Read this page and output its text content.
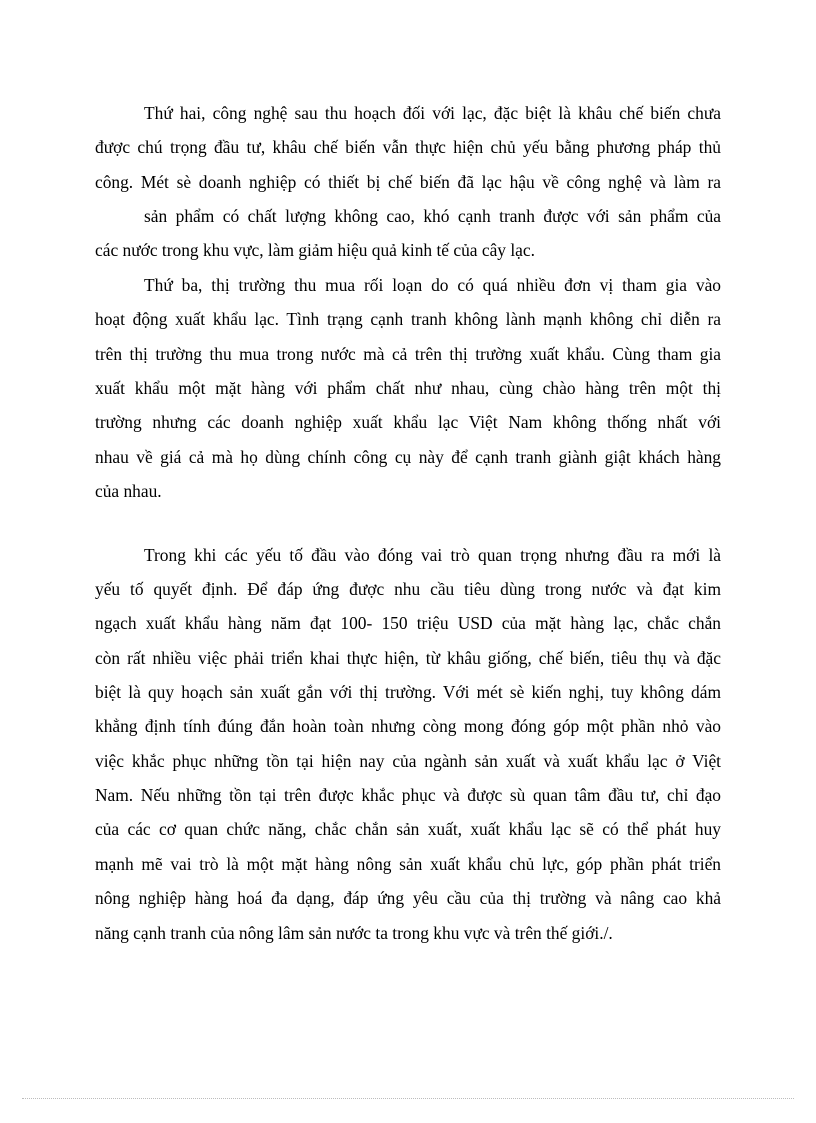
Thứ hai, công nghệ sau thu hoạch đối với lạc, đặc biệt là khâu chế biến chưa
được chú trọng đầu tư, khâu chế biến vẫn thực hiện chủ yếu bằng phương pháp thủ
công. Mét sè doanh nghiệp có thiết bị chế biến đã lạc hậu về công nghệ và làm ra
sản phẩm có chất lượng không cao, khó cạnh tranh được với sản phẩm của
các nước trong khu vực, làm giảm hiệu quả kinh tế của cây lạc.
Thứ ba, thị trường thu mua rối loạn do có quá nhiều đơn vị tham gia vào
hoạt động xuất khẩu lạc. Tình trạng cạnh tranh không lành mạnh không chỉ diễn ra
trên thị trường thu mua trong nước mà cả trên thị trường xuất khẩu. Cùng tham gia
xuất khẩu một mặt hàng với phẩm chất như nhau, cùng chào hàng trên một thị
trường nhưng các doanh nghiệp xuất khẩu lạc Việt Nam không thống nhất với
nhau về giá cả mà họ dùng chính công cụ này để cạnh tranh giành giật khách hàng
của nhau.
Trong khi các yếu tố đầu vào đóng vai trò quan trọng nhưng đầu ra mới là
yếu tố quyết định. Để đáp ứng được nhu cầu tiêu dùng trong nước và đạt kim
ngạch xuất khẩu hàng năm đạt 100- 150 triệu USD của mặt hàng lạc, chắc chắn
còn rất nhiều việc phải triển khai thực hiện, từ khâu giống, chế biến, tiêu thụ và đặc
biệt là quy hoạch sản xuất gắn với thị trường. Với mét sè kiến nghị, tuy không dám
khẳng định tính đúng đắn hoàn toàn nhưng còng mong đóng góp một phần nhỏ vào
việc khắc phục những tồn tại hiện nay của ngành sản xuất và xuất khẩu lạc ở Việt
Nam. Nếu những tồn tại trên được khắc phục và được sù quan tâm đầu tư, chỉ đạo
của các cơ quan chức năng, chắc chắn sản xuất, xuất khẩu lạc sẽ có thể phát huy
mạnh mẽ vai trò là một mặt hàng nông sản xuất khẩu chủ lực, góp phần phát triển
nông nghiệp hàng hoá đa dạng, đáp ứng yêu cầu của thị trường và nâng cao khả
năng cạnh tranh của nông lâm sản nước ta trong khu vực và trên thế giới./.
